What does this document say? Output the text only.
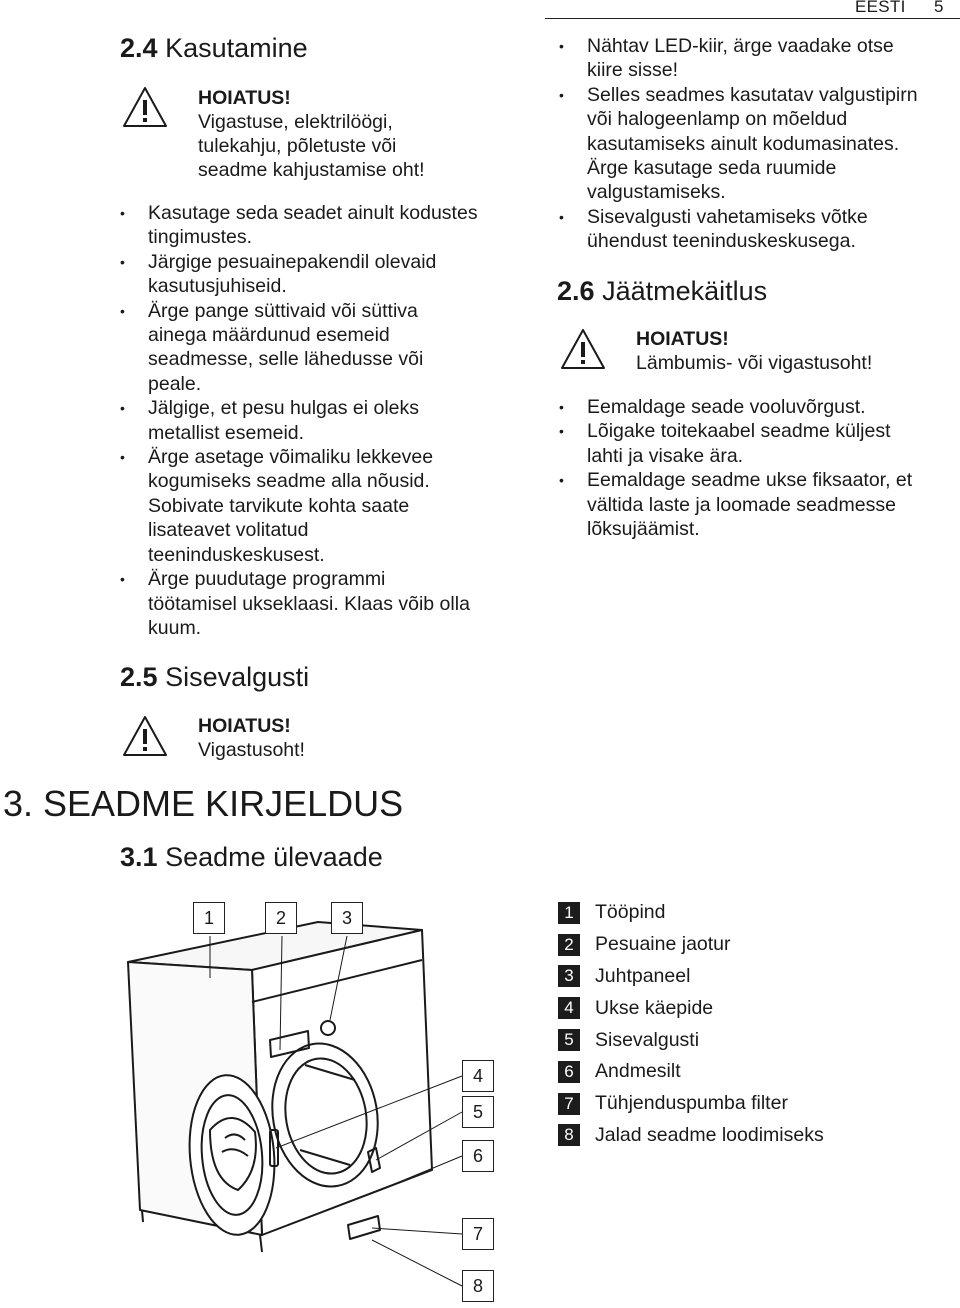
EESTI 5
2.4 Kasutamine
HOIATUS!
Vigastuse, elektrilöögi,
tulekahju, põletuste või
seadme kahjustamise oht!
• Kasutage seda seadet ainult kodustes
tingimustes.
• Järgige pesuainepakendil olevaid
kasutusjuhiseid.
• Ärge pange süttivaid või süttiva
ainega määrdunud esemeid
seadmesse, selle lähedusse või
peale.
• Jälgige, et pesu hulgas ei oleks
metallist esemeid.
• Ärge asetage võimaliku lekkevee
kogumiseks seadme alla nõusid.
Sobivate tarvikute kohta saate
lisateavet volitatud
teeninduskeskusest.
• Ärge puudutage programmi
töötamisel ukseklaasi. Klaas võib olla
kuum.
2.5 Sisevalgusti
HOIATUS!
Vigastusoht!
• Nähtav LED-kiir, ärge vaadake otse
kiire sisse!
• Selles seadmes kasutatav valgustipirn
või halogeenlamp on mõeldud
kasutamiseks ainult kodumasinates.
Ärge kasutage seda ruumide
valgustamiseks.
• Sisevalgusti vahetamiseks võtke
ühendust teeninduskeskusega.
2.6 Jäätmekäitlus
HOIATUS!
Lämbumis- või vigastusoht!
• Eemaldage seade vooluvõrgust.
• Lõigake toitekaabel seadme küljest
lahti ja visake ära.
• Eemaldage seadme ukse fiksaator, et
vältida laste ja loomade seadmesse
lõksujäämist.
3. SEADME KIRJELDUS
3.1 Seadme ülevaade
1	2	3
4
5
6
7
8
1	Tööpind
2	Pesuaine jaotur
3	Juhtpaneel
4	Ukse käepide
5	Sisevalgusti
6	Andmesilt
7	Tühjenduspumba filter
8	Jalad seadme loodimiseks
